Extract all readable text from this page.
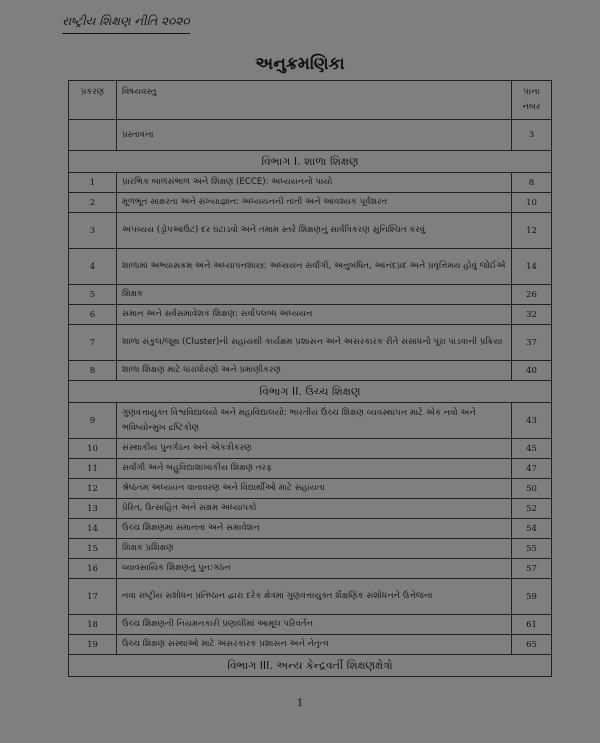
રાષ્ટ્રીય શિક્ષણ નીતિ ૨૦૨૦
અનુક્રમણિકા
પ્રકરણ	વિષયવસ્તુ	પાના
નંબર

	પ્રસ્તાવના	3
વિભાગ I. શાળા શિક્ષણ		
1	પ્રારંભિક બાળસંભાળ અને શિક્ષણ (ECCE): અધ્યયનનો પાયો	8
2	મૂળભૂત સાક્ષરતા અને સંખ્યાજ્ઞાન: અધ્યયનની તાતી અને આવશ્યક પૂર્વશરત	10
3	અપવ્યય (ડ્રોપઆઉટ) દર ઘટાડવો અને તમામ સ્તરે શિક્ષણનું સાર્વત્રિકરણ સુનિશ્ચિત કરવું	12
4	શાળામાં અભ્યાસક્રમ અને અધ્યાપનશાસ્ત્ર: અધ્યયન સર્વાંગી, અનુબંધિત, આનંદપ્રદ અને પ્રવૃત્તિમય હોવું જોઈએ	14
5	શિક્ષક	26
6	સમાન અને સર્વસમાવેશક શિક્ષણ: સર્વોપલબ્ધ અધ્યયન	32
7	શાળા સંકુલ/જૂથ (Cluster)ની સહાયથી કાર્યક્ષમ પ્રશાસન અને અસરકારક રીતે સંસાધનો પૂરા પાડવાની પ્રક્રિયા	37
8	શાળા શિક્ષણ માટે ધારાધોરણો અને પ્રમાણીકરણ	40
વિભાગ II. ઉચ્ચ શિક્ષણ		
9	ગુણવત્તાયુક્ત વિશ્વવિદ્યાલયો અને મહાવિદ્યાલયો: ભારતીય ઉચ્ચ શિક્ષણ વ્યવસ્થાપન માટે એક નવો અને ભવિષ્યોન્મુખ દ્રષ્ટિકોણ	43
10	સંસ્થાકીય પુનર્ગઠન અને એકત્રીકરણ	45
11	સર્વાંગી અને બહુવિદ્યાશાખાકીય શિક્ષણ તરફ	47
12	શ્રેષ્ઠતમ અધ્યયન વાતાવરણ અને વિદ્યાર્થીઓ માટે સહાયતા	50
13	પ્રેરિત, ઉત્સાહિત અને સક્ષમ અધ્યાપકો	52
14	ઉચ્ચ શિક્ષણમાં સમાનતા અને સમાવેશન	54
15	શિક્ષક પ્રશિક્ષણ	55
16	વ્યાવસાયિક શિક્ષણનું પુન:ગઠન	57
17	નવા રાષ્ટ્રીય સંશોધન પ્રતિષ્ઠાન દ્વારા દરેક ક્ષેત્રમાં ગુણવત્તાયુક્ત શૈક્ષણિક સંશોધનને ઉત્તેજના	59
18	ઉચ્ચ શિક્ષણની નિયમનકારી પ્રણાલીમાં આમૂલ પરિવર્તન	61
19	ઉચ્ચ શિક્ષણ સંસ્થાઓ માટે અસરકારક પ્રશાસન અને નેતૃત્વ	65
વિભાગ III. અન્ય કેન્દ્રવર્તી શિક્ષણક્ષેત્રો		
1
